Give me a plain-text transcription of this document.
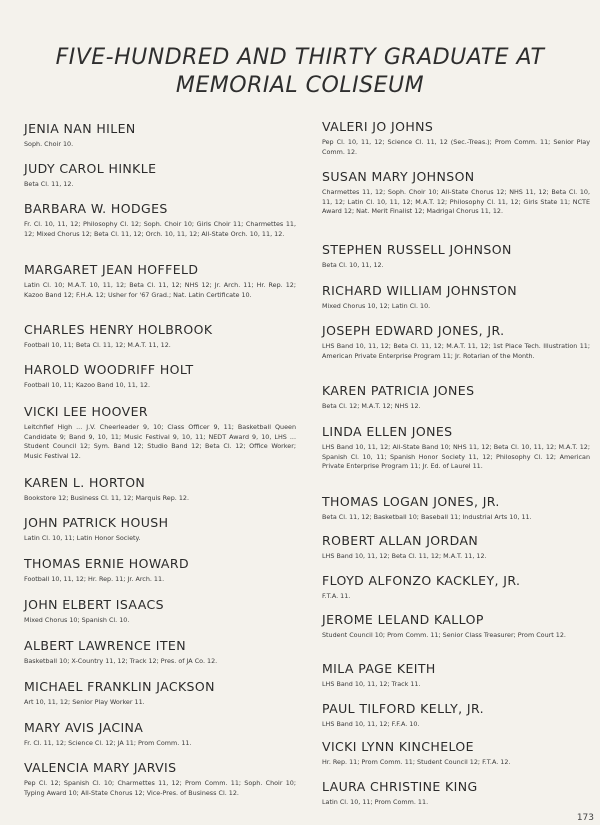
FIVE-HUNDRED AND THIRTY GRADUATE AT
MEMORIAL COLISEUM
JENIA NAN HILEN
Soph. Choir 10.
JUDY CAROL HINKLE
Beta Cl. 11, 12.
BARBARA W. HODGES
Fr. Cl. 10, 11, 12; Philosophy Cl. 12; Soph. Choir 10; Girls Choir 11; Charmettes 11, 12; Mixed Chorus 12; Beta Cl. 11, 12; Orch. 10, 11, 12; All-State Orch. 10, 11, 12.
MARGARET JEAN HOFFELD
Latin Cl. 10; M.A.T. 10, 11, 12; Beta Cl. 11, 12; NHS 12; Jr. Arch. 11; Hr. Rep. 12; Kazoo Band 12; F.H.A. 12; Usher for '67 Grad.; Nat. Latin Certificate 10.
CHARLES HENRY HOLBROOK
Football 10, 11; Beta Cl. 11, 12; M.A.T. 11, 12.
HAROLD WOODRIFF HOLT
Football 10, 11; Kazoo Band 10, 11, 12.
VICKI LEE HOOVER
Leitchfief High ... J.V. Cheerleader 9, 10; Class Officer 9, 11; Basketball Queen Candidate 9; Band 9, 10, 11; Music Festival 9, 10, 11; NEDT Award 9, 10, LHS ... Student Council 12; Sym. Band 12; Studio Band 12; Beta Cl. 12; Office Worker; Music Festival 12.
KAREN L. HORTON
Bookstore 12; Business Cl. 11, 12; Marquis Rep. 12.
JOHN PATRICK HOUSH
Latin Cl. 10, 11; Latin Honor Society.
THOMAS ERNIE HOWARD
Football 10, 11, 12; Hr. Rep. 11; Jr. Arch. 11.
JOHN ELBERT ISAACS
Mixed Chorus 10; Spanish Cl. 10.
ALBERT LAWRENCE ITEN
Basketball 10; X-Country 11, 12; Track 12; Pres. of JA Co. 12.
MICHAEL FRANKLIN JACKSON
Art 10, 11, 12; Senior Play Worker 11.
MARY AVIS JACINA
Fr. Cl. 11, 12; Science Cl. 12; JA 11; Prom Comm. 11.
VALENCIA MARY JARVIS
Pep Cl. 12; Spanish Cl. 10; Charmettes 11, 12; Prom Comm. 11; Soph. Choir 10; Typing Award 10; All-State Chorus 12; Vice-Pres. of Business Cl. 12.
VALERI JO JOHNS
Pep Cl. 10, 11, 12; Science Cl. 11, 12 (Sec.-Treas.); Prom Comm. 11; Senior Play Comm. 12.
SUSAN MARY JOHNSON
Charmettes 11, 12; Soph. Choir 10; All-State Chorus 12; NHS 11, 12; Beta Cl. 10, 11, 12; Latin Cl. 10, 11, 12; M.A.T. 12; Philosophy Cl. 11, 12; Girls State 11; NCTE Award 12; Nat. Merit Finalist 12; Madrigal Chorus 11, 12.
STEPHEN RUSSELL JOHNSON
Beta Cl. 10, 11, 12.
RICHARD WILLIAM JOHNSTON
Mixed Chorus 10, 12; Latin Cl. 10.
JOSEPH EDWARD JONES, JR.
LHS Band 10, 11, 12; Beta Cl. 11, 12; M.A.T. 11, 12; 1st Place Tech. Illustration 11; American Private Enterprise Program 11; Jr. Rotarian of the Month.
KAREN PATRICIA JONES
Beta Cl. 12; M.A.T. 12; NHS 12.
LINDA ELLEN JONES
LHS Band 10, 11, 12; All-State Band 10; NHS 11, 12; Beta Cl. 10, 11, 12; M.A.T. 12; Spanish Cl. 10, 11; Spanish Honor Society 11, 12; Philosophy Cl. 12; American Private Enterprise Program 11; Jr. Ed. of Laurel 11.
THOMAS LOGAN JONES, JR.
Beta Cl. 11, 12; Basketball 10; Baseball 11; Industrial Arts 10, 11.
ROBERT ALLAN JORDAN
LHS Band 10, 11, 12; Beta Cl. 11, 12; M.A.T. 11, 12.
FLOYD ALFONZO KACKLEY, JR.
F.T.A. 11.
JEROME LELAND KALLOP
Student Council 10; Prom Comm. 11; Senior Class Treasurer; Prom Court 12.
MILA PAGE KEITH
LHS Band 10, 11, 12; Track 11.
PAUL TILFORD KELLY, JR.
LHS Band 10, 11, 12; F.F.A. 10.
VICKI LYNN KINCHELOE
Hr. Rep. 11; Prom Comm. 11; Student Council 12; F.T.A. 12.
LAURA CHRISTINE KING
Latin Cl. 10, 11; Prom Comm. 11.
173
